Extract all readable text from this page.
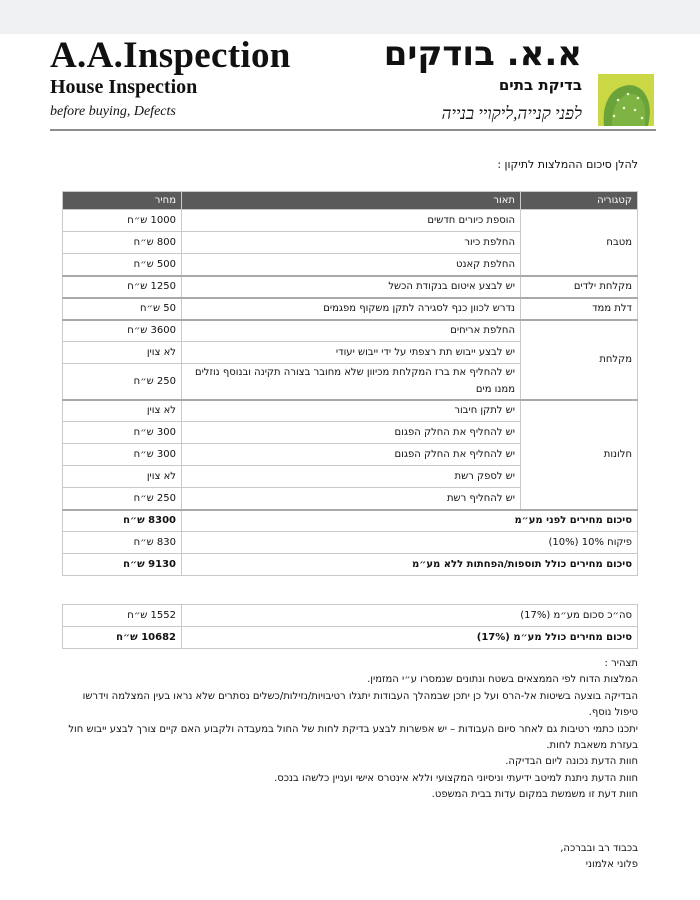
A.A.Inspection	א.א. בודקים
House Inspection	בדיקת בתים
before buying, Defects	לפני קנייה,ליקויי בנייה
להלן סיכום ההמלצות לתיקון :
קטגוריה	תאור	מחיר
מטבח	הוספת כיורים חדשים	1000 ש״ח
	החלפת כיור	800 ש״ח
	החלפת קאנט	500 ש״ח
מקלחת ילדים	יש לבצע איטום בנקודת הכשל	1250 ש״ח
דלת ממד	נדרש לכוון כנף לסגירה לתקן משקוף מפגמים	50 ש״ח
מקלחת	החלפת אריחים	3600 ש״ח
	יש לבצע ייבוש תת רצפתי על ידי ייבוש יעודי	לא צוין
	יש להחליף את ברז המקלחת מכיוון שלא מחובר בצורה תקינה ובנוסף נוזלים ממנו מים	250 ש״ח
חלונות	יש לתקן חיבור	לא צוין
	יש להחליף את החלק הפגום	300 ש״ח
	יש להחליף את החלק הפגום	300 ש״ח
	יש לספק רשת	לא צוין
	יש להחליף רשת	250 ש״ח
סיכום מחירים לפני מע״מ		8300 ש״ח
פיקוח 10% (10%)		830 ש״ח
סיכום מחירים כולל תוספות/הפחתות ללא מע״מ		9130 ש״ח
סה״כ סכום מע״מ (17%)	1552 ש״ח
סיכום מחירים כולל מע״מ (17%)	10682 ש״ח

תצהיר :

המלצות הדוח לפי הממצאים בשטח ונתונים שנמסרו ע״י המזמין.

הבדיקה בוצעה בשיטות אל-הרס ועל כן יתכן שבמהלך העבודות יתגלו רטיבויות/נזילות/כשלים נסתרים שלא נראו בעין המצלמה וידרשו טיפול נוסף.

יתכנו כתמי רטיבות גם לאחר סיום העבודות – יש אפשרות לבצע בדיקת לחות של החול במעבדה ולקבוע האם קיים צורך לבצע ייבוש חול בעזרת משאבת לחות.

חוות הדעת נכונה ליום הבדיקה.

חוות הדעת ניתנת למיטב ידיעתי וניסיוני המקצועי וללא אינטרס אישי ועניין כלשהו בנכס.

חוות דעת זו משמשת במקום עדות בבית המשפט.

בכבוד רב ובברכה,

פלוני אלמוני
